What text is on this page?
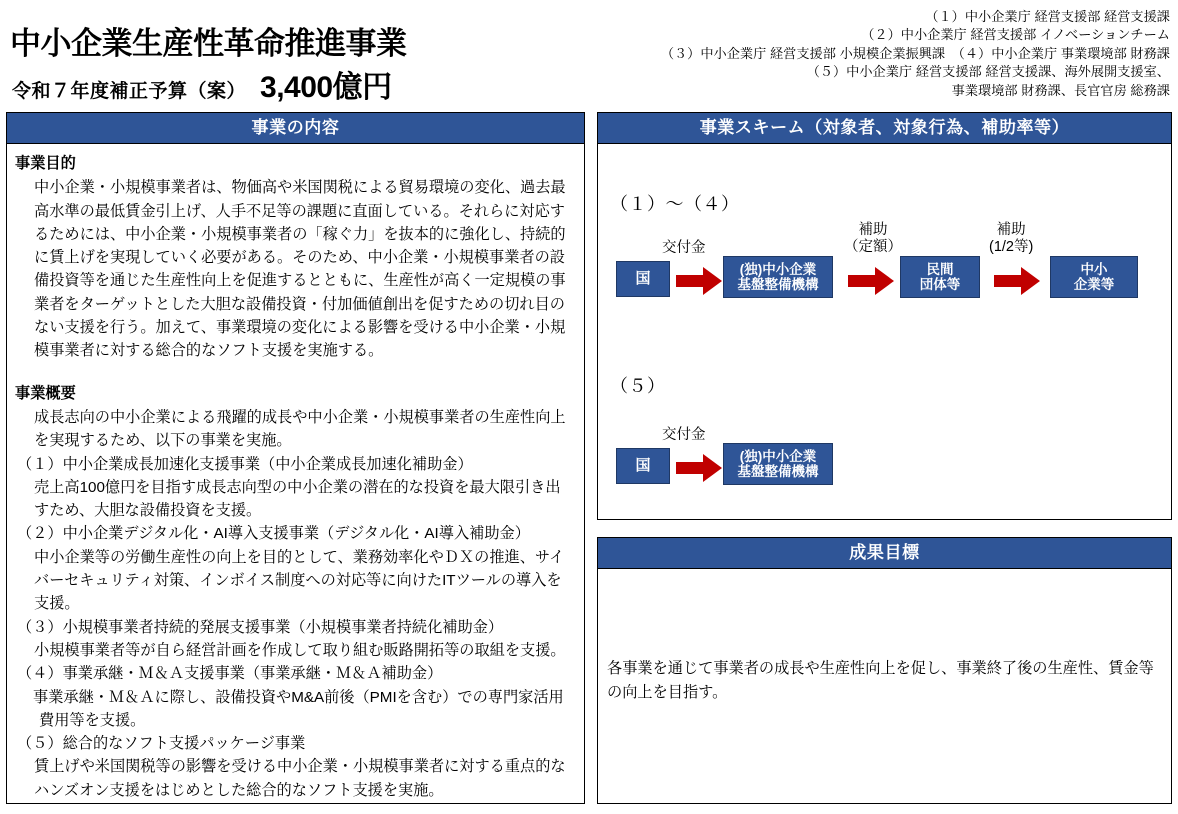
中小企業生産性革命推進事業
令和７年度補正予算（案） 3,400億円
（１）中小企業庁 経営支援部 経営支援課
（２）中小企業庁 経営支援部 イノベーションチーム
（３）中小企業庁 経営支援部 小規模企業振興課　（４）中小企業庁 事業環境部 財務課
（５）中小企業庁 経営支援部 経営支援課、海外展開支援室、
事業環境部 財務課、長官官房 総務課
事業の内容
事業目的
中小企業・小規模事業者は、物価高や米国関税による貿易環境の変化、過去最高水準の最低賃金引上げ、人手不足等の課題に直面している。それらに対応するためには、中小企業・小規模事業者の「稼ぐ力」を抜本的に強化し、持続的に賃上げを実現していく必要がある。そのため、中小企業・小規模事業者の設備投資等を通じた生産性向上を促進するとともに、生産性が高く一定規模の事業者をターゲットとした大胆な設備投資・付加価値創出を促すための切れ目のない支援を行う。加えて、事業環境の変化による影響を受ける中小企業・小規模事業者に対する総合的なソフト支援を実施する。
事業概要
成長志向の中小企業による飛躍的成長や中小企業・小規模事業者の生産性向上を実現するため、以下の事業を実施。
（１）中小企業成長加速化支援事業（中小企業成長加速化補助金）
売上高100億円を目指す成長志向型の中小企業の潜在的な投資を最大限引き出すため、大胆な設備投資を支援。
（２）中小企業デジタル化・AI導入支援事業（デジタル化・AI導入補助金）
中小企業等の労働生産性の向上を目的として、業務効率化やＤＸの推進、サイバーセキュリティ対策、インボイス制度への対応等に向けたITツールの導入を支援。
（３）小規模事業者持続的発展支援事業（小規模事業者持続化補助金）
小規模事業者等が自ら経営計画を作成して取り組む販路開拓等の取組を支援。
（４）事業承継・Ｍ＆Ａ支援事業（事業承継・Ｍ＆Ａ補助金）
事業承継・Ｍ＆Ａに際し、設備投資やM&A前後（PMIを含む）での専門家活用費用等を支援。
（５）総合的なソフト支援パッケージ事業
賃上げや米国関税等の影響を受ける中小企業・小規模事業者に対する重点的なハンズオン支援をはじめとした総合的なソフト支援を実施。
事業スキーム（対象者、対象行為、補助率等）
（１）～（４）
交付金
国
(独)中小企業
基盤整備機構
補助
（定額）
民間
団体等
補助
(1/2等)
中小
企業等
（５）
交付金
国
(独)中小企業
基盤整備機構
成果目標
各事業を通じて事業者の成長や生産性向上を促し、事業終了後の生産性、賃金等の向上を目指す。
